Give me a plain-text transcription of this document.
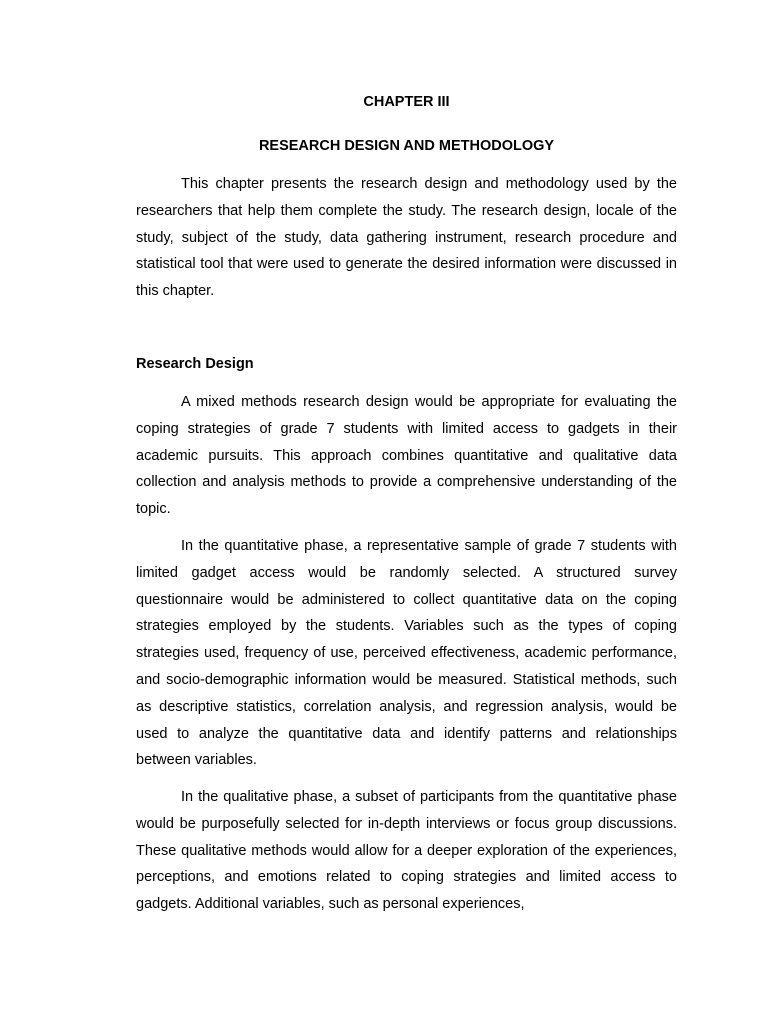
CHAPTER III
RESEARCH DESIGN AND METHODOLOGY

This chapter presents the research design and methodology used by the researchers that help them complete the study. The research design, locale of the study, subject of the study, data gathering instrument, research procedure and statistical tool that were used to generate the desired information were discussed in this chapter.

Research Design

A mixed methods research design would be appropriate for evaluating the coping strategies of grade 7 students with limited access to gadgets in their academic pursuits. This approach combines quantitative and qualitative data collection and analysis methods to provide a comprehensive understanding of the topic.

In the quantitative phase, a representative sample of grade 7 students with limited gadget access would be randomly selected. A structured survey questionnaire would be administered to collect quantitative data on the coping strategies employed by the students. Variables such as the types of coping strategies used, frequency of use, perceived effectiveness, academic performance, and socio-demographic information would be measured. Statistical methods, such as descriptive statistics, correlation analysis, and regression analysis, would be used to analyze the quantitative data and identify patterns and relationships between variables.

In the qualitative phase, a subset of participants from the quantitative phase would be purposefully selected for in-depth interviews or focus group discussions. These qualitative methods would allow for a deeper exploration of the experiences, perceptions, and emotions related to coping strategies and limited access to gadgets. Additional variables, such as personal experiences,
